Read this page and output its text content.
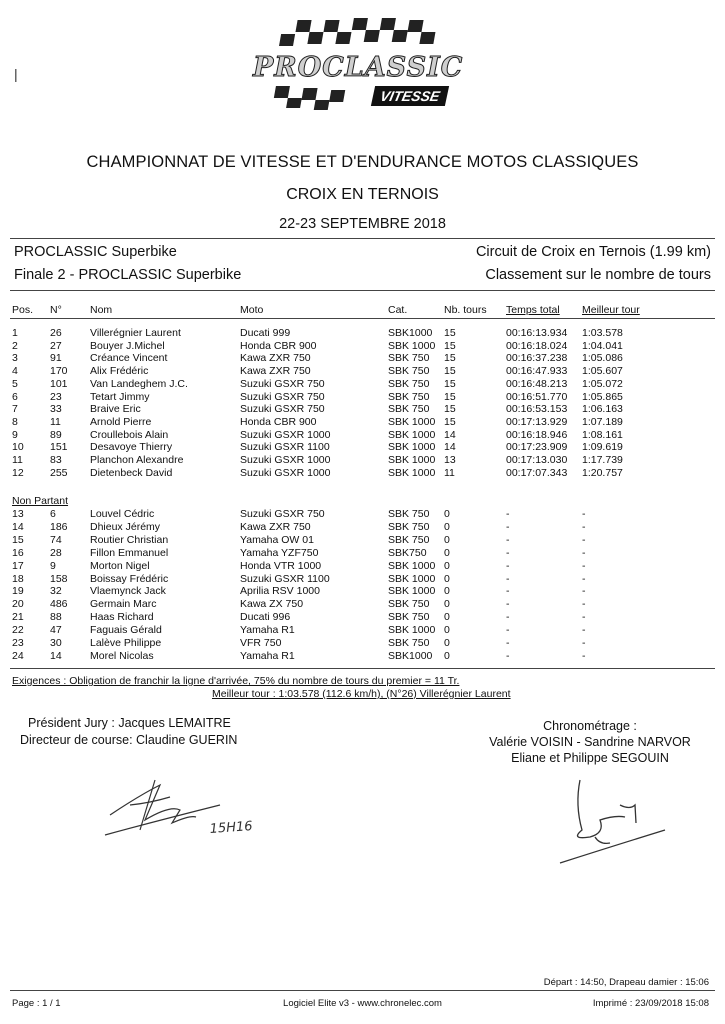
PROCLASSIC
VITESSE
|
CHAMPIONNAT DE VITESSE ET D'ENDURANCE MOTOS CLASSIQUES
CROIX EN TERNOIS
22-23 SEPTEMBRE 2018
PROCLASSIC Superbike
Finale 2 - PROCLASSIC Superbike
Circuit de Croix en Ternois (1.99 km)
Classement sur le nombre de tours
Pos. N°	Nom	Moto	Cat.	Nb. tours Temps total Meilleur tour
1	26	Villerégnier Laurent	Ducati 999	SBK1000 15	00:16:13.934 1:03.578
2	27	Bouyer J.Michel	Honda CBR 900	SBK 1000 15	00:16:18.024 1:04.041
3	91	Créance Vincent	Kawa ZXR 750	SBK 750 15	00:16:37.238 1:05.086
4	170 Alix Frédéric	Kawa ZXR 750	SBK 750 15	00:16:47.933 1:05.607
5	101 Van Landeghem J.C.	Suzuki GSXR 750	SBK 750 15	00:16:48.213 1:05.072
6	23	Tetart Jimmy	Suzuki GSXR 750	SBK 750 15	00:16:51.770 1:05.865
7	33	Braive Eric	Suzuki GSXR 750	SBK 750 15	00:16:53.153 1:06.163
8	11	Arnold Pierre	Honda CBR 900	SBK 1000 15	00:17:13.929 1:07.189
9	89	Croullebois Alain	Suzuki GSXR 1000	SBK 1000 14	00:16:18.946 1:08.161
10	151 Desavoye Thierry	Suzuki GSXR 1100	SBK 1000 14	00:17:23.909 1:09.619
11	83	Planchon Alexandre	Suzuki GSXR 1000	SBK 1000 13	00:17:13.030 1:17.739
12	255 Dietenbeck David	Suzuki GSXR 1000	SBK 1000 11	00:17:07.343 1:20.757
Non Partant
13	6	Louvel Cédric	Suzuki GSXR 750	SBK 750 0	-	-
14	186 Dhieux Jérémy	Kawa ZXR 750	SBK 750 0	-	-
15	74	Routier Christian	Yamaha OW 01	SBK 750 0	-	-
16	28	Fillon Emmanuel	Yamaha YZF750	SBK750 0	-	-
17	9	Morton Nigel	Honda VTR 1000	SBK 1000 0	-	-
18	158 Boissay Frédéric	Suzuki GSXR 1100	SBK 1000 0	-	-
19	32	Vlaemynck Jack	Aprilia RSV 1000	SBK 1000 0	-	-
20	486 Germain Marc	Kawa ZX 750	SBK 750 0	-	-
21	88	Haas Richard	Ducati 996	SBK 750 0	-	-
22	47	Faguais Gérald	Yamaha R1	SBK 1000 0	-	-
23	30	Lalève Philippe	VFR 750	SBK 750 0	-	-
24	14	Morel Nicolas	Yamaha R1	SBK1000 0	-	-
Exigences : Obligation de franchir la ligne d'arrivée, 75% du nombre de tours du premier = 11 Tr.
Meilleur tour : 1:03.578 (112.6 km/h), (N°26) Villerégnier Laurent
Président Jury : Jacques LEMAITRE
Directeur de course: Claudine GUERIN
Chronométrage :
Valérie VOISIN - Sandrine NARVOR
Eliane et Philippe SEGOUIN
15H16
Départ : 14:50, Drapeau damier : 15:06
Page : 1 / 1	Logiciel Elite v3 - www.chronelec.com	Imprimé : 23/09/2018 15:08
